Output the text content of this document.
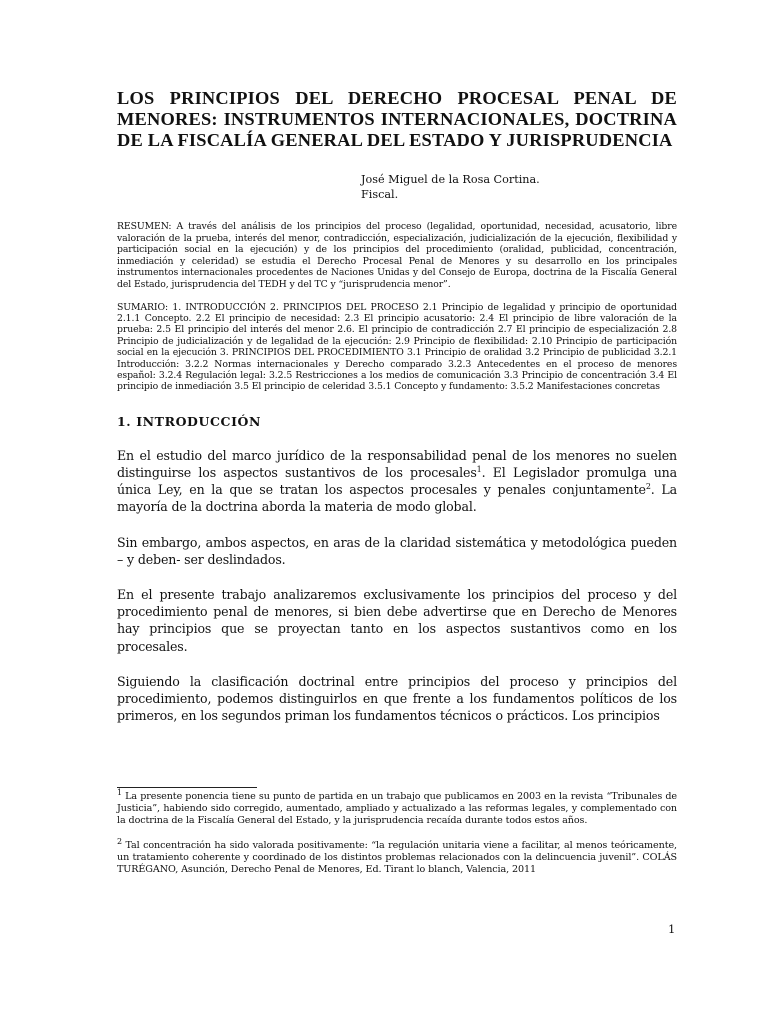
LOS PRINCIPIOS DEL DERECHO PROCESAL PENAL DE MENORES: INSTRUMENTOS INTERNACIONALES, DOCTRINA DE LA FISCALÍA GENERAL DEL ESTADO Y JURISPRUDENCIA
José Miguel de la Rosa Cortina.
Fiscal.

RESUMEN: A través del análisis de los principios del proceso (legalidad, oportunidad, necesidad, acusatorio, libre valoración de la prueba, interés del menor, contradicción, especialización, judicialización de la ejecución, flexibilidad y participación social en la ejecución) y de los principios del procedimiento (oralidad, publicidad, concentración, inmediación y celeridad) se estudia el Derecho Procesal Penal de Menores y su desarrollo en los principales instrumentos internacionales procedentes de Naciones Unidas y del Consejo de Europa, doctrina de la Fiscalía General del Estado, jurisprudencia del TEDH y del TC y “jurisprudencia menor”.

SUMARIO: 1. INTRODUCCIÓN 2. PRINCIPIOS DEL PROCESO 2.1 Principio de legalidad y principio de oportunidad 2.1.1 Concepto. 2.2 El principio de necesidad: 2.3 El principio acusatorio: 2.4 El principio de libre valoración de la prueba: 2.5 El principio del interés del menor 2.6. El principio de contradicción 2.7 El principio de especialización 2.8 Principio de judicialización y de legalidad de la ejecución: 2.9 Principio de flexibilidad: 2.10 Principio de participación social en la ejecución 3. PRINCIPIOS DEL PROCEDIMIENTO 3.1 Principio de oralidad 3.2 Principio de publicidad 3.2.1 Introducción: 3.2.2 Normas internacionales y Derecho comparado 3.2.3 Antecedentes en el proceso de menores español: 3.2.4 Regulación legal: 3.2.5 Restricciones a los medios de comunicación 3.3 Principio de concentración 3.4 El principio de inmediación 3.5 El principio de celeridad 3.5.1 Concepto y fundamento: 3.5.2 Manifestaciones concretas

1. INTRODUCCIÓN

En el estudio del marco jurídico de la responsabilidad penal de los menores no suelen distinguirse los aspectos sustantivos de los procesales$^1$. El Legislador promulga una única Ley, en la que se tratan los aspectos procesales y penales conjuntamente$^2$. La mayoría de la doctrina aborda la materia de modo global.

Sin embargo, ambos aspectos, en aras de la claridad sistemática y metodológica pueden – y deben- ser deslindados.

En el presente trabajo analizaremos exclusivamente los principios del proceso y del procedimiento penal de menores, si bien debe advertirse que en Derecho de Menores hay principios que se proyectan tanto en los aspectos sustantivos como en los procesales.

Siguiendo la clasificación doctrinal entre principios del proceso y principios del procedimiento, podemos distinguirlos en que frente a los fundamentos políticos de los primeros, en los segundos priman los fundamentos técnicos o prácticos. Los principios

$^1$ La presente ponencia tiene su punto de partida en un trabajo que publicamos en 2003 en la revista “Tribunales de Justicia”, habiendo sido corregido, aumentado, ampliado y actualizado a las reformas legales, y complementado con la doctrina de la Fiscalía General del Estado, y la jurisprudencia recaída durante todos estos años.

$^2$ Tal concentración ha sido valorada positivamente: “la regulación unitaria viene a facilitar, al menos teóricamente, un tratamiento coherente y coordinado de los distintos problemas relacionados con la delincuencia juvenil”. COLÁS TURÉGANO, Asunción, Derecho Penal de Menores, Ed. Tirant lo blanch, Valencia, 2011

1
